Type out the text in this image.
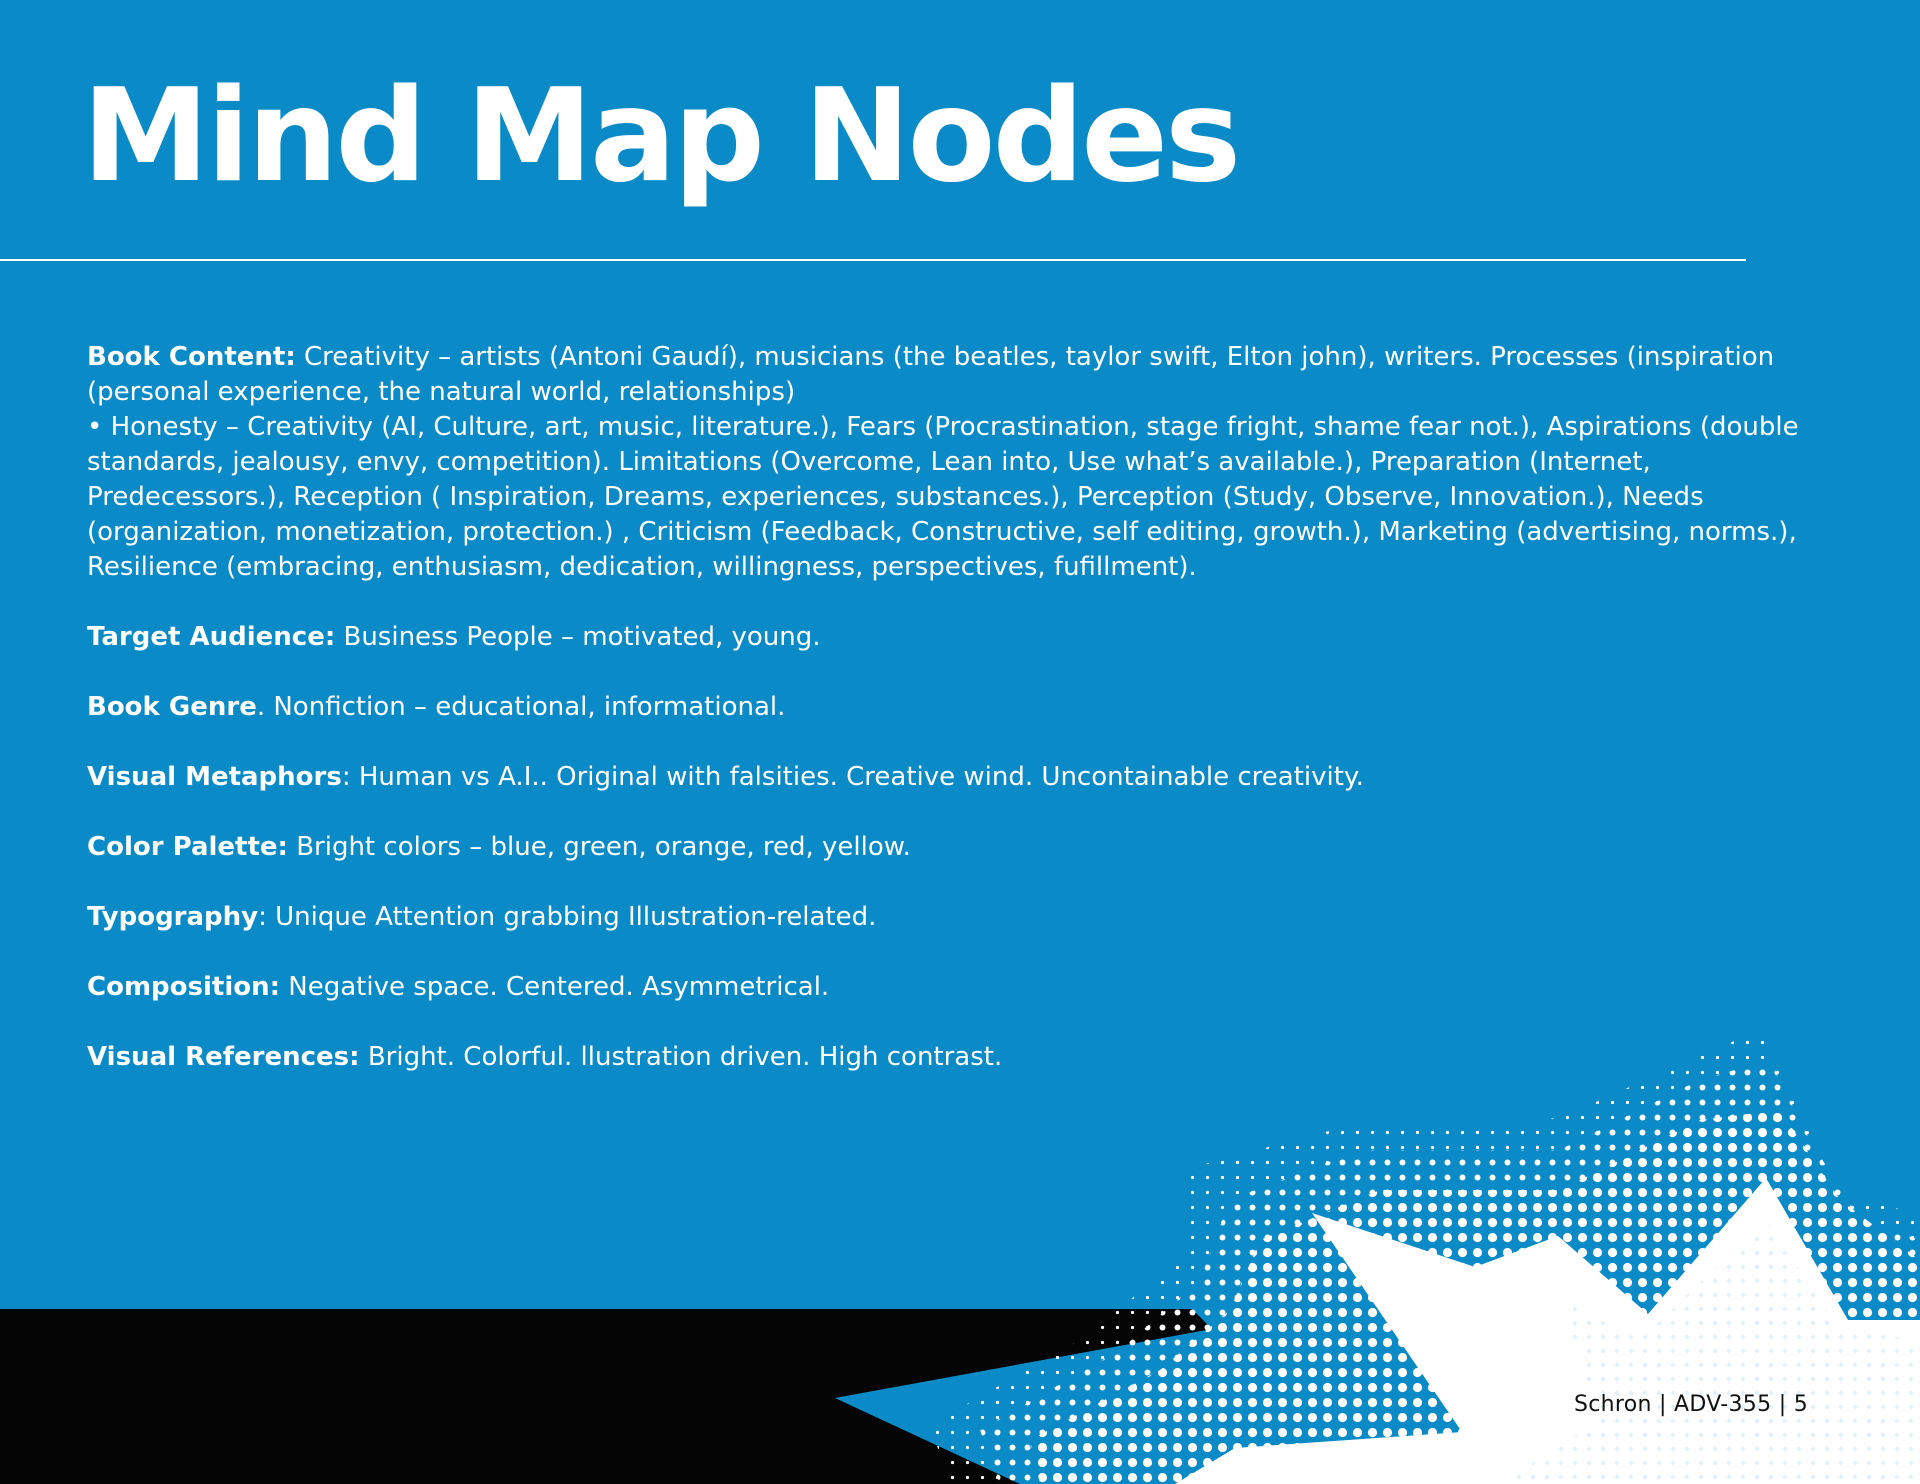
Mind Map Nodes

Book Content: Creativity – artists (Antoni Gaudí), musicians (the beatles, taylor swift, Elton john), writers. Processes (inspiration (personal experience, the natural world, relationships)
• Honesty – Creativity (AI, Culture, art, music, literature.), Fears (Procrastination, stage fright, shame fear not.), Aspirations (double standards, jealousy, envy, competition). Limitations (Overcome, Lean into, Use what’s available.), Preparation (Internet, Predecessors.), Reception ( Inspiration, Dreams, experiences, substances.), Perception (Study, Observe, Innovation.), Needs (organization, monetization, protection.) , Criticism (Feedback, Constructive, self editing, growth.), Marketing (advertising, norms.), Resilience (embracing, enthusiasm, dedication, willingness, perspectives, fufillment).

Target Audience: Business People – motivated, young.

Book Genre. Nonfiction – educational, informational.

Visual Metaphors: Human vs A.I.. Original with falsities. Creative wind. Uncontainable creativity.

Color Palette: Bright colors – blue, green, orange, red, yellow.

Typography: Unique Attention grabbing Illustration-related.

Composition: Negative space. Centered. Asymmetrical.

Visual References: Bright. Colorful. llustration driven. High contrast.

Schron | ADV-355 | 5
